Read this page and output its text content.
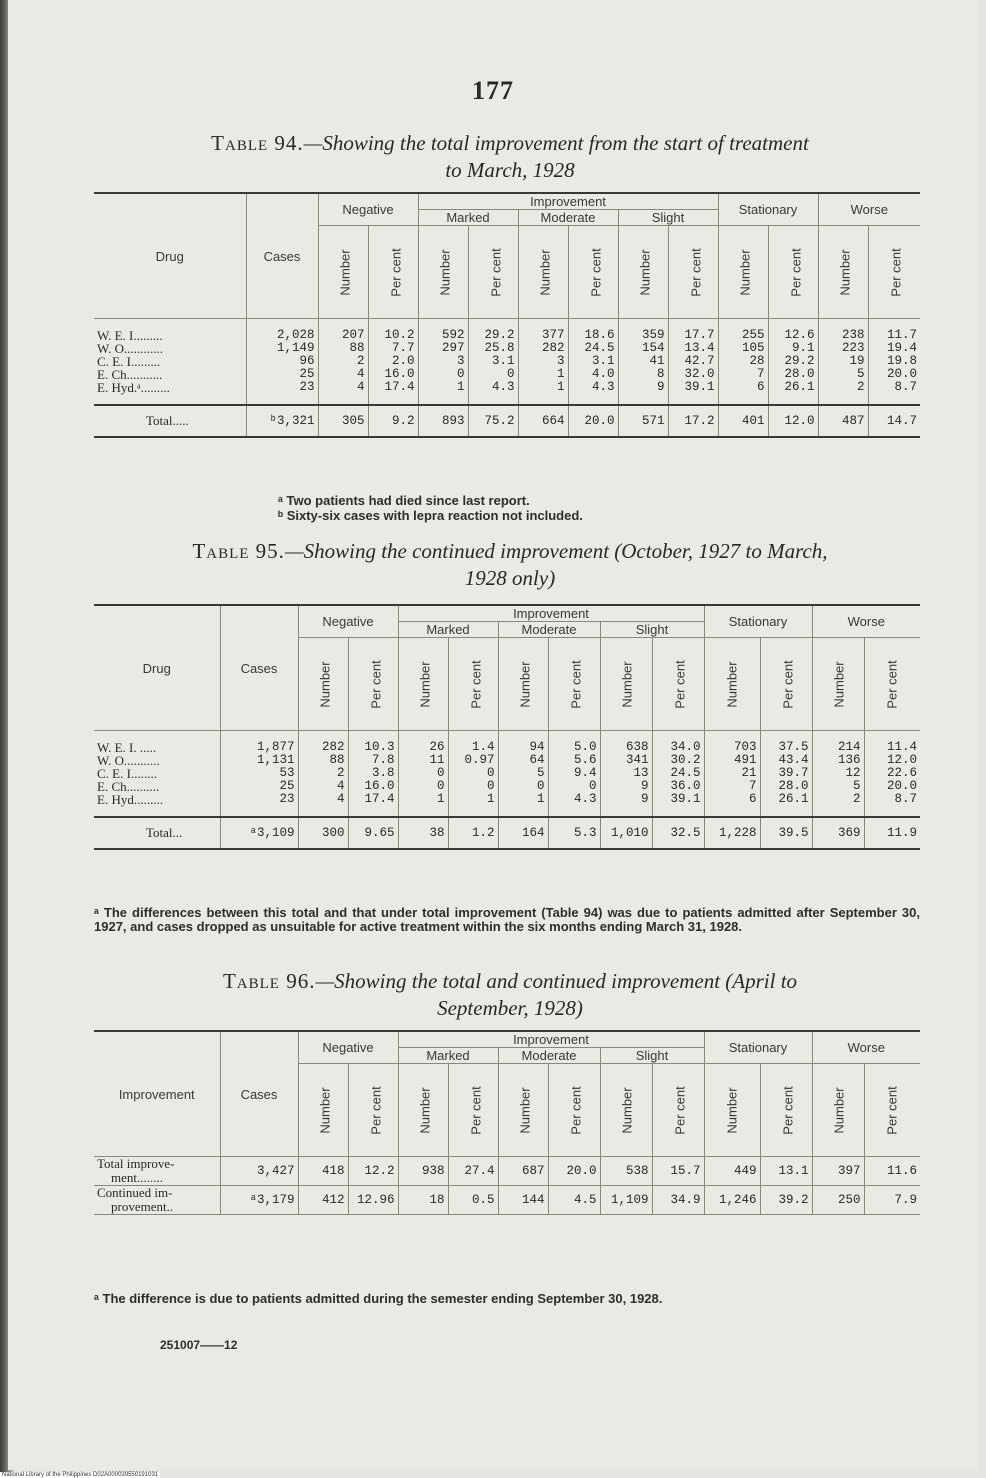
177
Table 94.—Showing the total improvement from the start of treatment
to March, 1928
Drug	Cases	Negative		Improvement						Stationary		Worse	
				Marked		Moderate		Slight					
		Number	Per cent	Number	Per cent	Number	Per cent	Number	Per cent	Number	Per cent	Number	Per cent
W. E. I.........	2,028	207	10.2	592	29.2	377	18.6	359	17.7	255	12.6	238	11.7
W. O............	1,149	88	7.7	297	25.8	282	24.5	154	13.4	105	9.1	223	19.4
C. E. I.........	96	2	2.0	3	3.1	3	3.1	41	42.7	28	29.2	19	19.8
E. Ch...........	25	4	16.0	0	0	1	4.0	8	32.0	7	28.0	5	20.0
E. Hyd.ᵃ.........	23	4	17.4	1	4.3	1	4.3	9	39.1	6	26.1	2	8.7
Total.....	ᵇ3,321	305	9.2	893	75.2	664	20.0	571	17.2	401	12.0	487	14.7
ᵃ Two patients had died since last report.
ᵇ Sixty-six cases with lepra reaction not included.
Table 95.—Showing the continued improvement (October, 1927 to March,
1928 only)
Drug	Cases	Negative		Improvement						Stationary		Worse	
				Marked		Moderate		Slight					
		Number	Per cent	Number	Per cent	Number	Per cent	Number	Per cent	Number	Per cent	Number	Per cent
W. E. I. .....	1,877	282	10.3	26	1.4	94	5.0	638	34.0	703	37.5	214	11.4
W. O...........	1,131	88	7.8	11	0.97	64	5.6	341	30.2	491	43.4	136	12.0
C. E. I........	53	2	3.8	0	0	5	9.4	13	24.5	21	39.7	12	22.6
E. Ch..........	25	4	16.0	0	0	0	0	9	36.0	7	28.0	5	20.0
E. Hyd.........	23	4	17.4	1	1	1	4.3	9	39.1	6	26.1	2	8.7
Total...	ᵃ3,109	300	9.65	38	1.2	164	5.3	1,010	32.5	1,228	39.5	369	11.9
ᵃ The differences between this total and that under total improvement (Table 94) was due to patients admitted after September 30, 1927, and cases dropped as unsuitable for active treatment within the six months ending March 31, 1928.
Table 96.—Showing the total and continued improvement (April to
September, 1928)
Improvement	Cases	Negative		Improvement						Stationary		Worse	
				Marked		Moderate		Slight					
		Number	Per cent	Number	Per cent	Number	Per cent	Number	Per cent	Number	Per cent	Number	Per cent

Total improve-
ment........	3,427	418	12.2	938	27.4	687	20.0	538	15.7	449	13.1	397	11.6

Continued im-
provement..	ᵃ3,179	412	12.96	18	0.5	144	4.5	1,109	34.9	1,246	39.2	250	7.9
ᵃ The difference is due to patients admitted during the semester ending September 30, 1928.
251007——12
National Library of the Philippines D02A000039550191031
